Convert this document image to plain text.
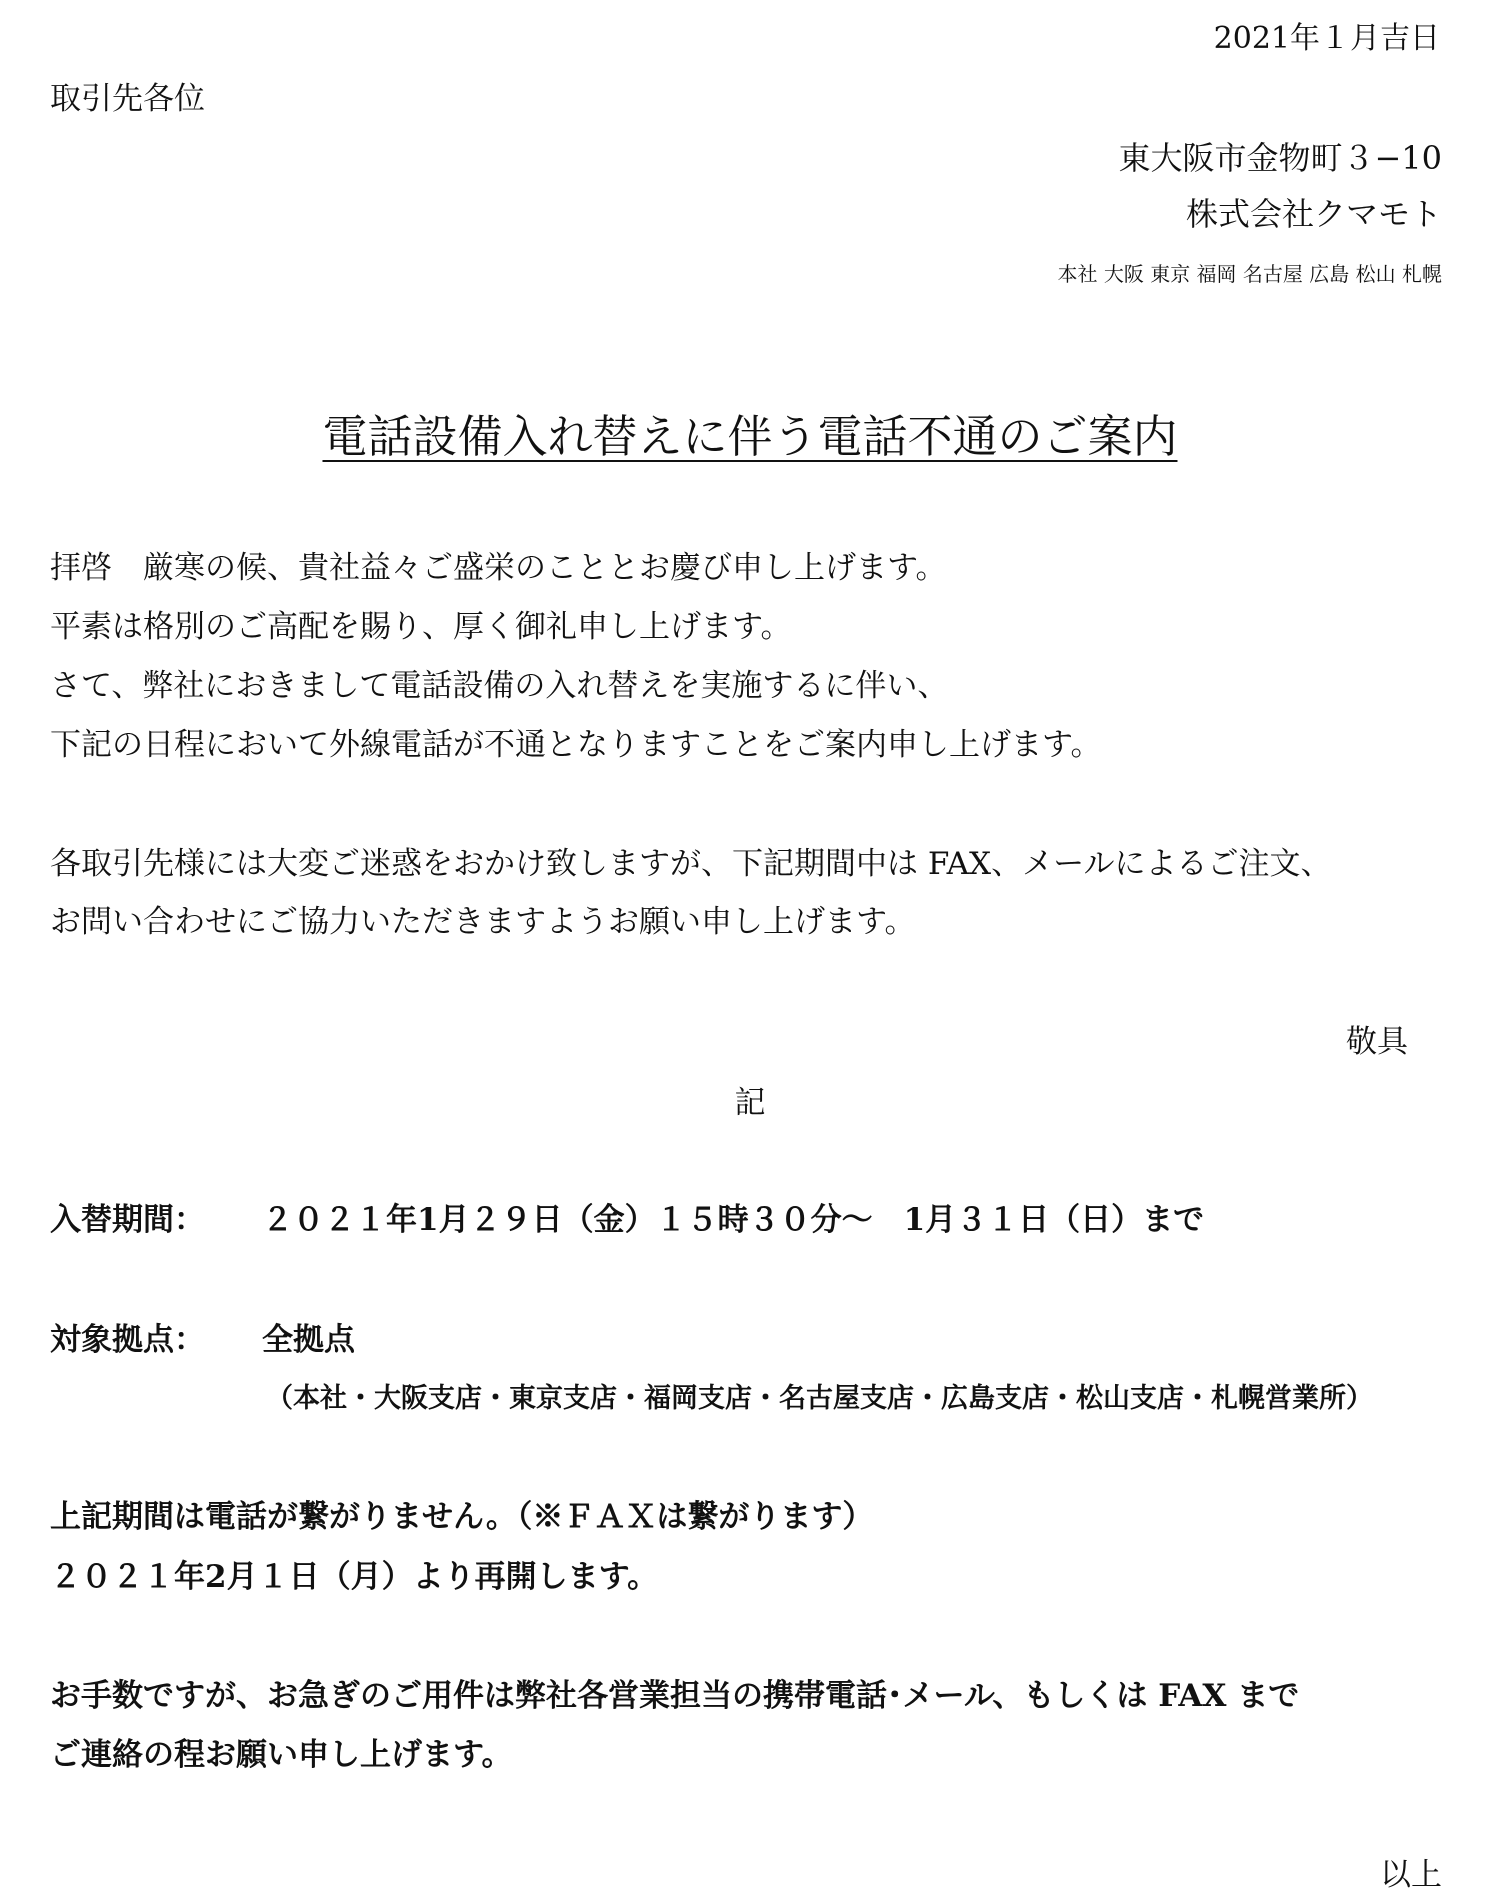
2021年１月吉日
取引先各位
東大阪市金物町３−10
株式会社クマモト
本社 大阪 東京 福岡 名古屋 広島 松山 札幌
電話設備入れ替えに伴う電話不通のご案内
拝啓　厳寒の候、貴社益々ご盛栄のこととお慶び申し上げます。
平素は格別のご高配を賜り、厚く御礼申し上げます。
さて、弊社におきまして電話設備の入れ替えを実施するに伴い、
下記の日程において外線電話が不通となりますことをご案内申し上げます。
各取引先様には大変ご迷惑をおかけ致しますが、下記期間中は FAX、メールによるご注文、
お問い合わせにご協力いただきますようお願い申し上げます。
敬具
記
入替期間： ２０２１年1月２９日（金）１５時３０分～　1月３１日（日）まで
対象拠点： 全拠点
（本社・大阪支店・東京支店・福岡支店・名古屋支店・広島支店・松山支店・札幌営業所）
上記期間は電話が繋がりません。（※ＦＡＸは繋がります）
２０２１年2月１日（月）より再開します。
お手数ですが、お急ぎのご用件は弊社各営業担当の携帯電話･メール、もしくは FAX まで
ご連絡の程お願い申し上げます。
以上
